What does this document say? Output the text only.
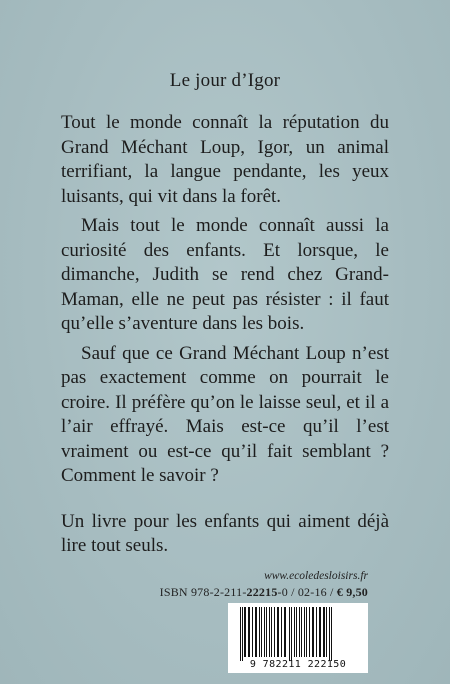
Le jour d’Igor

Tout le monde connaît la réputation du Grand Méchant Loup, Igor, un animal terrifiant, la langue pendante, les yeux luisants, qui vit dans la forêt.

Mais tout le monde connaît aussi la curiosité des enfants. Et lorsque, le dimanche, Judith se rend chez Grand-Maman, elle ne peut pas résister : il faut qu’elle s’aventure dans les bois.

Sauf que ce Grand Méchant Loup n’est pas exactement comme on pourrait le croire. Il préfère qu’on le laisse seul, et il a l’air effrayé. Mais est-ce qu’il l’est vraiment ou est-ce qu’il fait semblant ? Comment le savoir ?

Un livre pour les enfants qui aiment déjà lire tout seuls.

www.ecoledesloisirs.fr
ISBN 978-2-211-22215-0 / 02-16 / € 9,50
9 782211 222150
